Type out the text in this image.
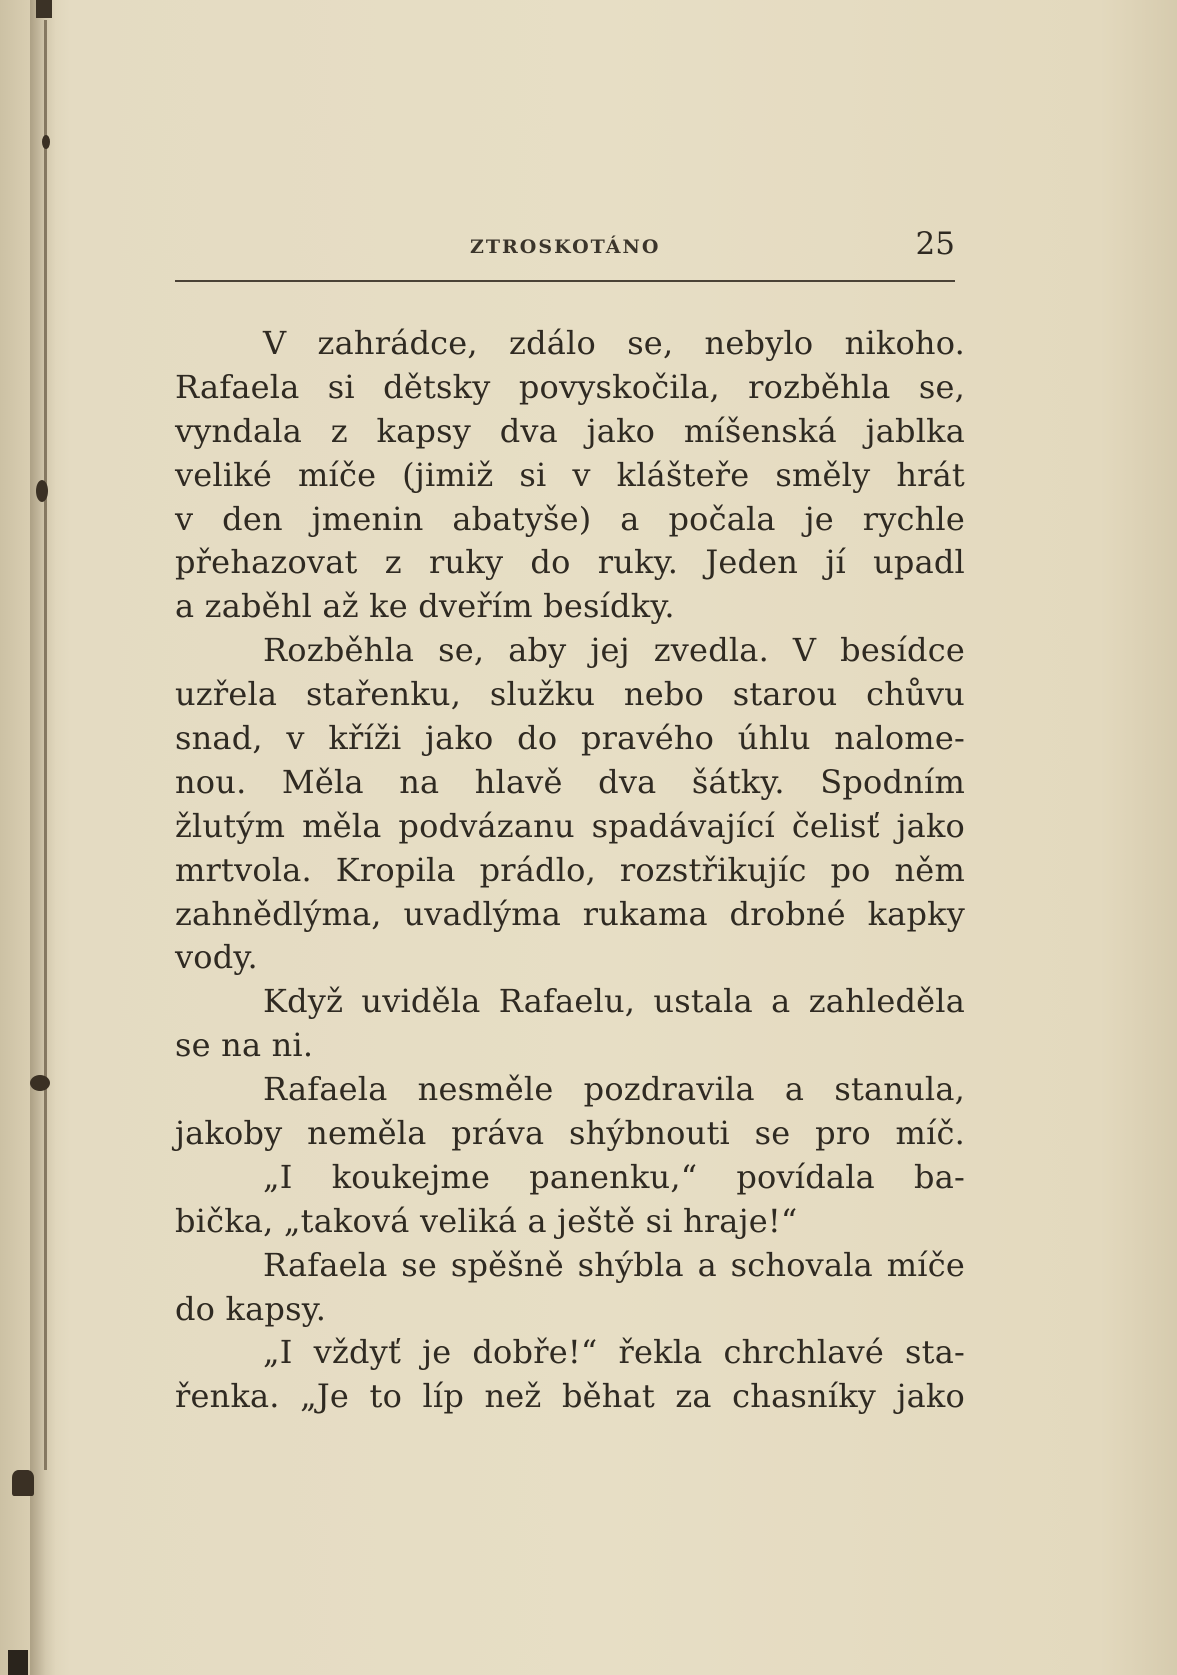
ZTROSKOTÁNO	25
V zahrádce, zdálo se, nebylo nikoho.
Rafaela si dětsky povyskočila, rozběhla se,
vyndala z kapsy dva jako míšenská jablka
veliké míče (jimiž si v klášteře směly hrát
v den jmenin abatyše) a počala je rychle
přehazovat z ruky do ruky. Jeden jí upadl
a zaběhl až ke dveřím besídky.
Rozběhla se, aby jej zvedla. V besídce
uzřela stařenku, služku nebo starou chůvu
snad, v kříži jako do pravého úhlu nalome-
nou. Měla na hlavě dva šátky. Spodním
žlutým měla podvázanu spadávající čelisť jako
mrtvola. Kropila prádlo, rozstřikujíc po něm
zahnědlýma, uvadlýma rukama drobné kapky
vody.
Když uviděla Rafaelu, ustala a zahleděla
se na ni.
Rafaela nesměle pozdravila a stanula,
jakoby neměla práva shýbnouti se pro míč.
„I koukejme panenku,“ povídala ba-
bička, „taková veliká a ještě si hraje!“
Rafaela se spěšně shýbla a schovala míče
do kapsy.
„I vždyť je dobře!“ řekla chrchlavé sta-
řenka. „Je to líp než běhat za chasníky jako
